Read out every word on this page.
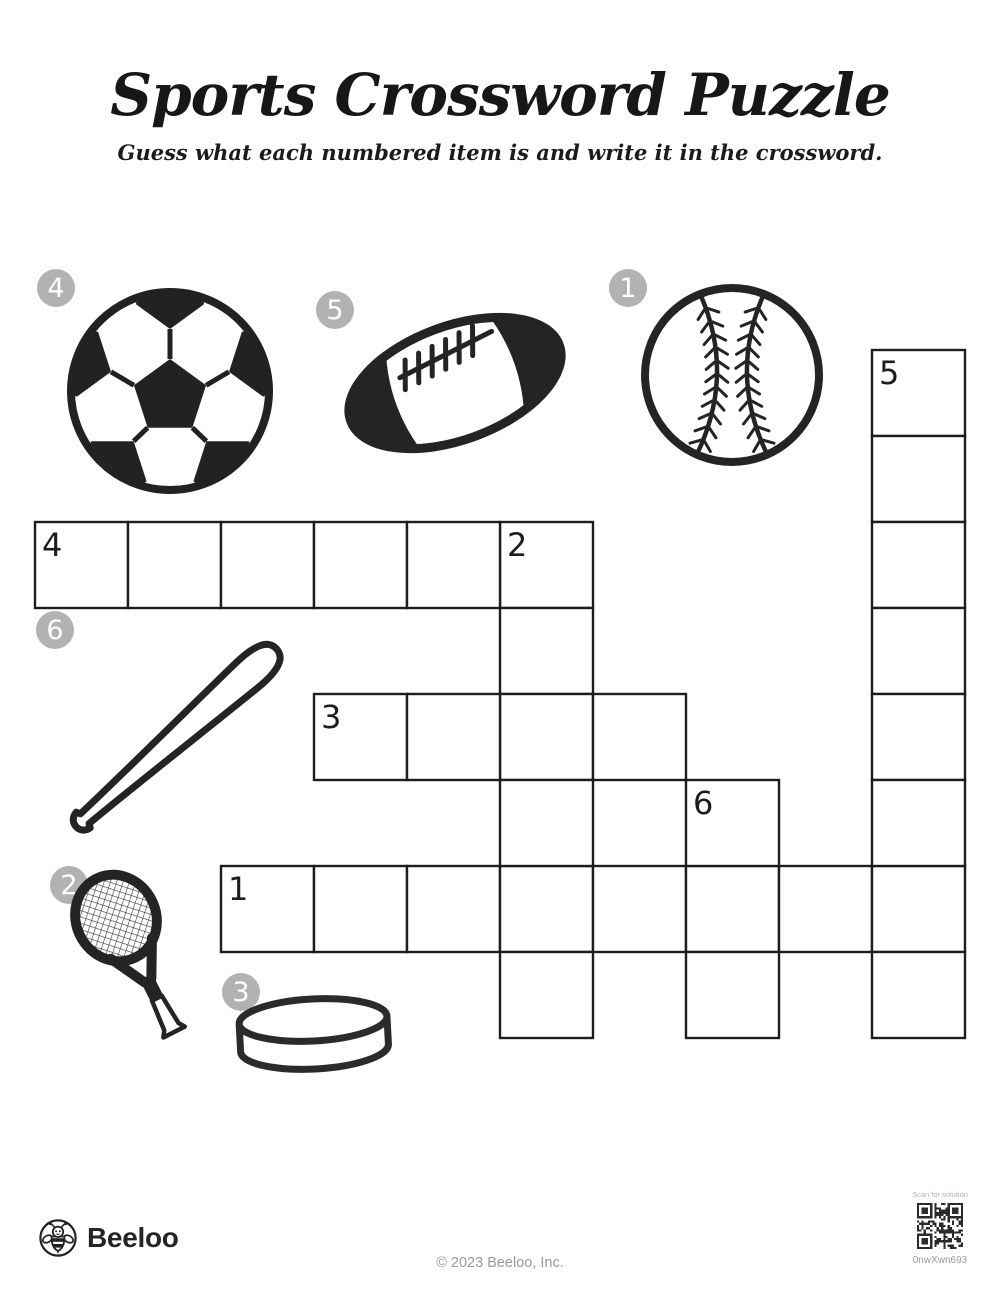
Sports Crossword Puzzle
Guess what each numbered item is and write it in the crossword.
1
2
3
4
5
6
4
5
1
6
2
3
Beeloo
© 2023 Beeloo, Inc.
Scan for solution
0nwXwn693
